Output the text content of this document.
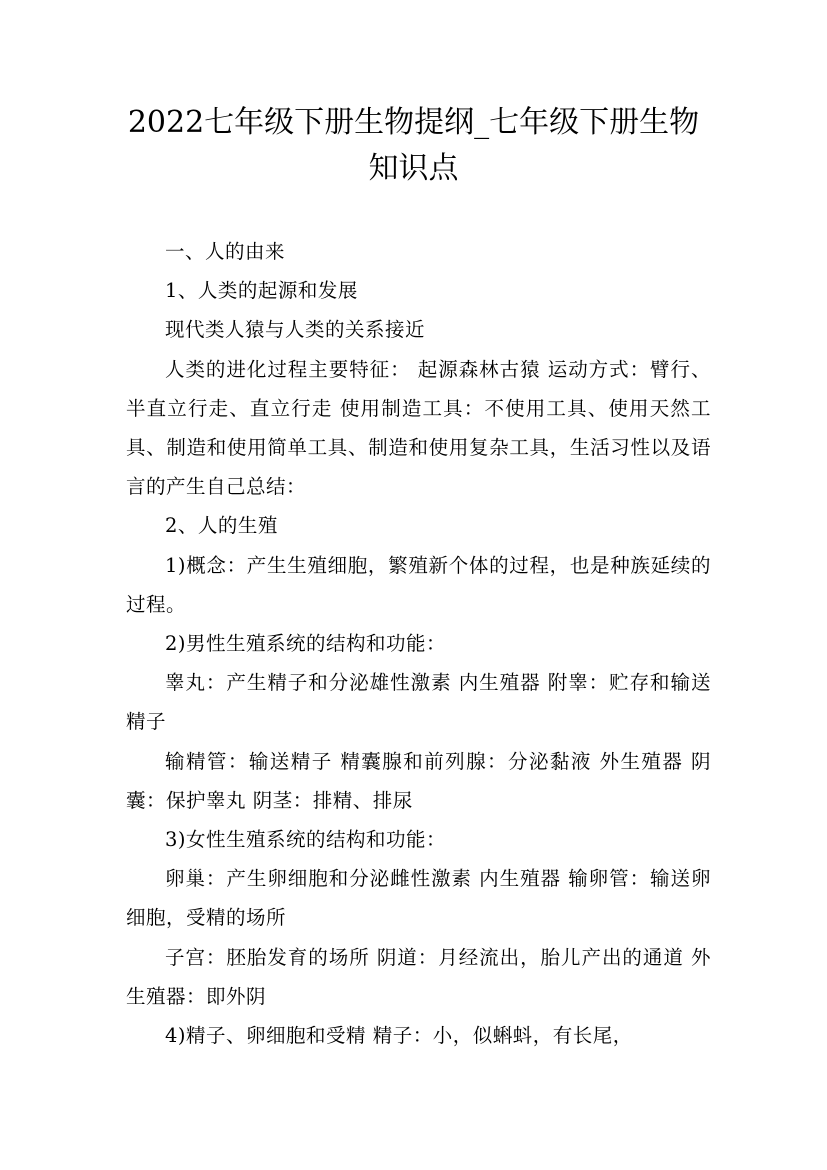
2022七年级下册生物提纲_七年级下册生物
知识点

一、人的由来

1、人类的起源和发展

现代类人猿与人类的关系接近

人类的进化过程主要特征： 起源森林古猿 运动方式：臂行、半直立行走、直立行走 使用制造工具：不使用工具、使用天然工具、制造和使用简单工具、制造和使用复杂工具，生活习性以及语言的产生自己总结：

2、人的生殖

1)概念：产生生殖细胞，繁殖新个体的过程，也是种族延续的过程。

2)男性生殖系统的结构和功能：

睾丸：产生精子和分泌雄性激素 内生殖器 附睾：贮存和输送精子

输精管：输送精子 精囊腺和前列腺：分泌黏液 外生殖器 阴囊：保护睾丸 阴茎：排精、排尿

3)女性生殖系统的结构和功能：

卵巢：产生卵细胞和分泌雌性激素 内生殖器 输卵管：输送卵细胞，受精的场所

子宫：胚胎发育的场所 阴道：月经流出，胎儿产出的通道 外生殖器：即外阴

4)精子、卵细胞和受精 精子：小，似蝌蚪，有长尾，
